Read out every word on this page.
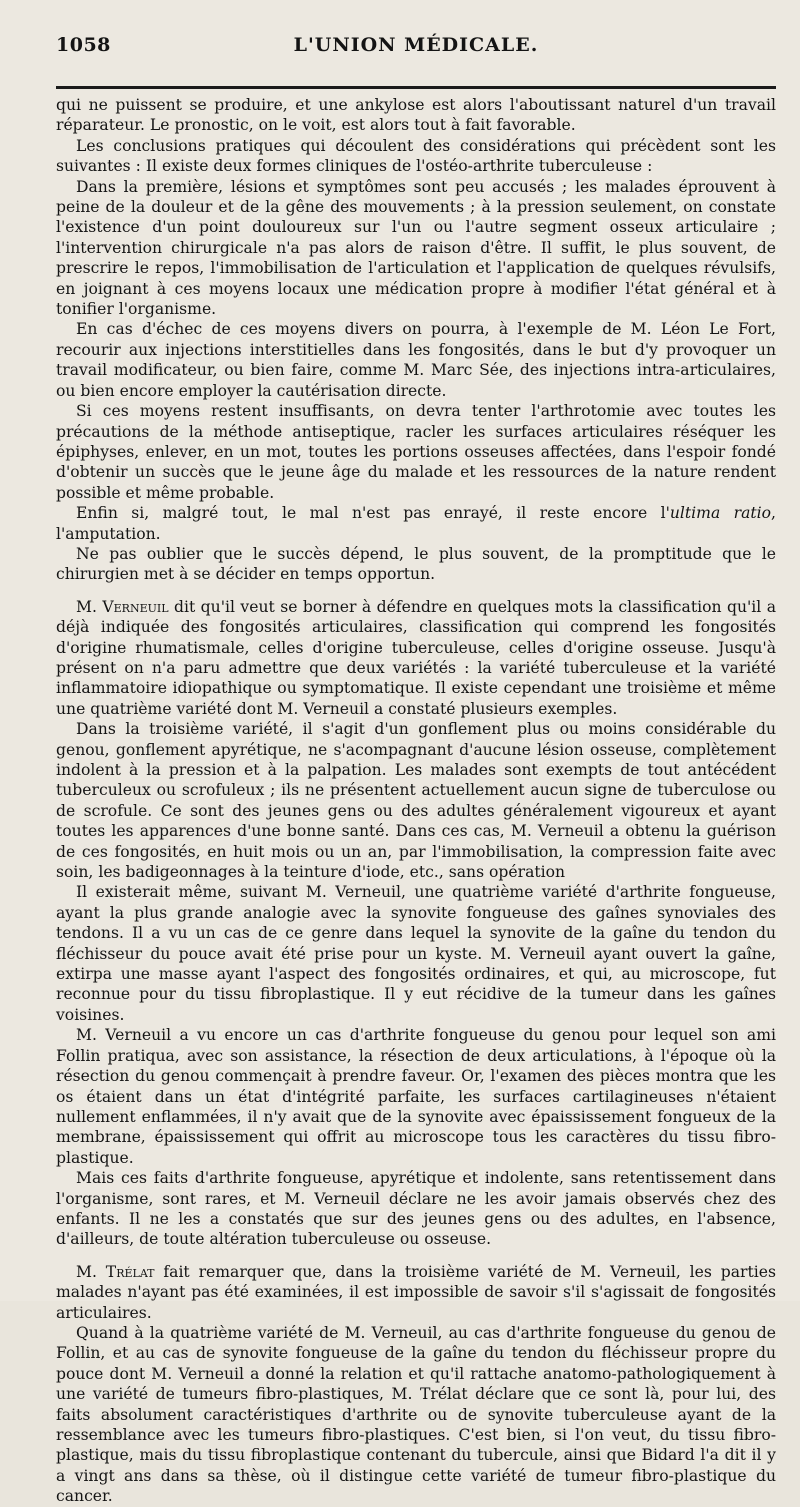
1058	L'UNION MÉDICALE.

qui ne puissent se produire, et une ankylose est alors l'aboutissant naturel d'un travail réparateur. Le pronostic, on le voit, est alors tout à fait favorable.

Les conclusions pratiques qui découlent des considérations qui précèdent sont les suivantes : Il existe deux formes cliniques de l'ostéo-arthrite tuberculeuse :

Dans la première, lésions et symptômes sont peu accusés ; les malades éprouvent à peine de la douleur et de la gêne des mouvements ; à la pression seulement, on constate l'existence d'un point douloureux sur l'un ou l'autre segment osseux articulaire ; l'intervention chirurgicale n'a pas alors de raison d'être. Il suffit, le plus souvent, de prescrire le repos, l'immobilisation de l'articulation et l'application de quelques révulsifs, en joignant à ces moyens locaux une médication propre à modifier l'état général et à tonifier l'organisme.

En cas d'échec de ces moyens divers on pourra, à l'exemple de M. Léon Le Fort, recourir aux injections interstitielles dans les fongosités, dans le but d'y provoquer un travail modificateur, ou bien faire, comme M. Marc Sée, des injections intra-articulaires, ou bien encore employer la cautérisation directe.

Si ces moyens restent insuffisants, on devra tenter l'arthrotomie avec toutes les précautions de la méthode antiseptique, racler les surfaces articulaires réséquer les épiphyses, enlever, en un mot, toutes les portions osseuses affectées, dans l'espoir fondé d'obtenir un succès que le jeune âge du malade et les ressources de la nature rendent possible et même probable.

Enfin si, malgré tout, le mal n'est pas enrayé, il reste encore l'ultima ratio, l'amputation.

Ne pas oublier que le succès dépend, le plus souvent, de la promptitude que le chirurgien met à se décider en temps opportun.

M. Verneuil dit qu'il veut se borner à défendre en quelques mots la classification qu'il a déjà indiquée des fongosités articulaires, classification qui comprend les fongosités d'origine rhumatismale, celles d'origine tuberculeuse, celles d'origine osseuse. Jusqu'à présent on n'a paru admettre que deux variétés : la variété tuberculeuse et la variété inflammatoire idiopathique ou symptomatique. Il existe cependant une troisième et même une quatrième variété dont M. Verneuil a constaté plusieurs exemples.

Dans la troisième variété, il s'agit d'un gonflement plus ou moins considérable du genou, gonflement apyrétique, ne s'acompagnant d'aucune lésion osseuse, complètement indolent à la pression et à la palpation. Les malades sont exempts de tout antécédent tuberculeux ou scrofuleux ; ils ne présentent actuellement aucun signe de tuberculose ou de scrofule. Ce sont des jeunes gens ou des adultes généralement vigoureux et ayant toutes les apparences d'une bonne santé. Dans ces cas, M. Verneuil a obtenu la guérison de ces fongosités, en huit mois ou un an, par l'immobilisation, la compression faite avec soin, les badigeonnages à la teinture d'iode, etc., sans opération

Il existerait même, suivant M. Verneuil, une quatrième variété d'arthrite fongueuse, ayant la plus grande analogie avec la synovite fongueuse des gaînes synoviales des tendons. Il a vu un cas de ce genre dans lequel la synovite de la gaîne du tendon du fléchisseur du pouce avait été prise pour un kyste. M. Verneuil ayant ouvert la gaîne, extirpa une masse ayant l'aspect des fongosités ordinaires, et qui, au microscope, fut reconnue pour du tissu fibroplastique. Il y eut récidive de la tumeur dans les gaînes voisines.

M. Verneuil a vu encore un cas d'arthrite fongueuse du genou pour lequel son ami Follin pratiqua, avec son assistance, la résection de deux articulations, à l'époque où la résection du genou commençait à prendre faveur. Or, l'examen des pièces montra que les os étaient dans un état d'intégrité parfaite, les surfaces cartilagineuses n'étaient nullement enflammées, il n'y avait que de la synovite avec épaississement fongueux de la membrane, épaississement qui offrit au microscope tous les caractères du tissu fibro-plastique.

Mais ces faits d'arthrite fongueuse, apyrétique et indolente, sans retentissement dans l'organisme, sont rares, et M. Verneuil déclare ne les avoir jamais observés chez des enfants. Il ne les a constatés que sur des jeunes gens ou des adultes, en l'absence, d'ailleurs, de toute altération tuberculeuse ou osseuse.

M. Trélat fait remarquer que, dans la troisième variété de M. Verneuil, les parties malades n'ayant pas été examinées, il est impossible de savoir s'il s'agissait de fongosités articulaires.

Quand à la quatrième variété de M. Verneuil, au cas d'arthrite fongueuse du genou de Follin, et au cas de synovite fongueuse de la gaîne du tendon du fléchisseur propre du pouce dont M. Verneuil a donné la relation et qu'il rattache anatomo-pathologiquement à une variété de tumeurs fibro-plastiques, M. Trélat déclare que ce sont là, pour lui, des faits absolument caractéristiques d'arthrite ou de synovite tuberculeuse ayant de la ressemblance avec les tumeurs fibro-plastiques. C'est bien, si l'on veut, du tissu fibro-plastique, mais du tissu fibroplastique contenant du tubercule, ainsi que Bidard l'a dit il y a vingt ans dans sa thèse, où il distingue cette variété de tumeur fibro-plastique du cancer.
